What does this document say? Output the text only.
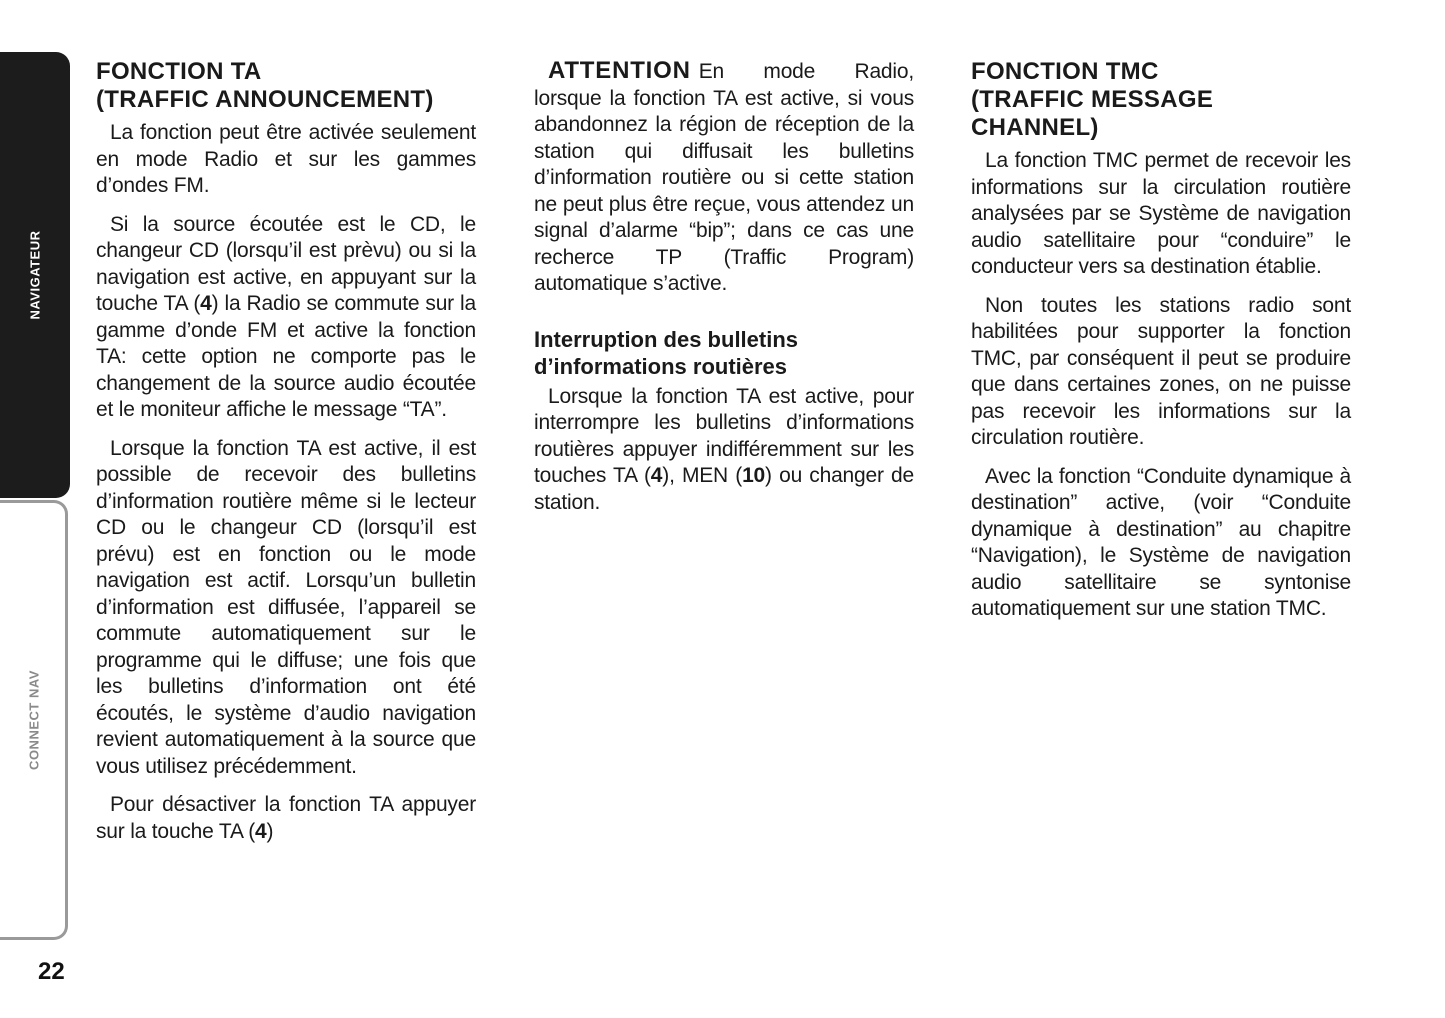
NAVIGATEUR
CONNECT NAV
22
FONCTION TA
(TRAFFIC ANNOUNCEMENT)

La fonction peut être activée seulement en mode Radio et sur les gammes d’ondes FM.

Si la source écoutée est le CD, le changeur CD (lorsqu’il est prèvu) ou si la navigation est active, en appuyant sur la touche TA (4) la Radio se commute sur la gamme d’onde FM et active la fonction TA: cette option ne comporte pas le changement de la source audio écoutée et le moniteur affiche le message “TA”.

Lorsque la fonction TA est active, il est possible de recevoir des bulletins d’information routière même si le lecteur CD ou le changeur CD (lorsqu’il est prévu) est en fonction ou le mode navigation est actif. Lorsqu’un bulletin d’information est diffusée, l’appareil se commute automatiquement sur le programme qui le diffuse; une fois que les bulletins d’information ont été écoutés, le système d’audio navigation revient automatiquement à la source que vous utilisez précédemment.

Pour désactiver la fonction TA appuyer sur la touche TA (4)

ATTENTION En mode Radio, lorsque la fonction TA est active, si vous abandonnez la région de réception de la station qui diffusait les bulletins d’information routière ou si cette station ne peut plus être reçue, vous attendez un signal d’alarme “bip”; dans ce cas une recherce TP (Traffic Program) automatique s’active.

Interruption des bulletins
d’informations routières

Lorsque la fonction TA est active, pour interrompre les bulletins d’informations routières appuyer indifféremment sur les touches TA (4), MEN (10) ou changer de station.

FONCTION TMC
(TRAFFIC MESSAGE
CHANNEL)

La fonction TMC permet de recevoir les informations sur la circulation routière analysées par se Système de navigation audio satellitaire pour “conduire” le conducteur vers sa destination établie.

Non toutes les stations radio sont habilitées pour supporter la fonction TMC, par conséquent il peut se produire que dans certaines zones, on ne puisse pas recevoir les informations sur la circulation routière.

Avec la fonction “Conduite dynamique à destination” active, (voir “Conduite dynamique à destination” au chapitre “Navigation), le Système de navigation audio satellitaire se syntonise automatiquement sur une station TMC.
